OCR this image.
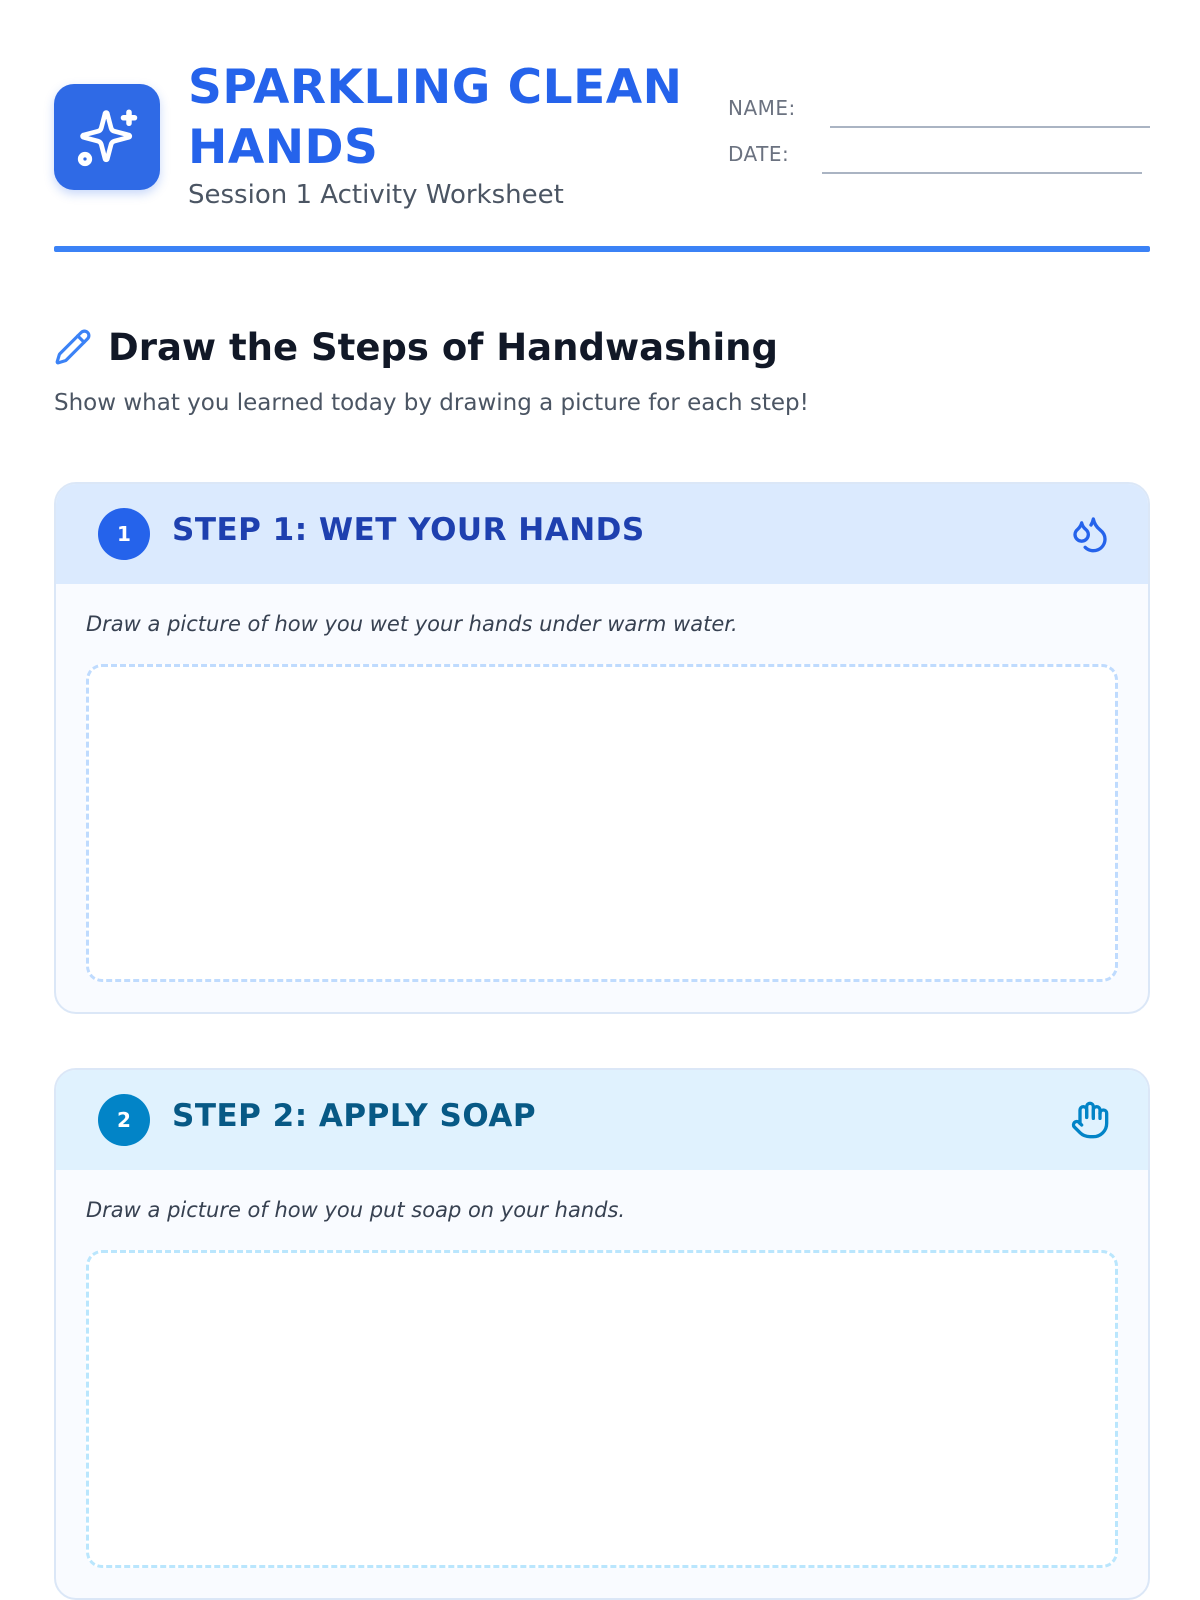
SPARKLING CLEAN HANDS
Session 1 Activity Worksheet
NAME:
DATE:
Draw the Steps of Handwashing
Show what you learned today by drawing a picture for each step!
1	STEP 1: WET YOUR HANDS
Draw a picture of how you wet your hands under warm water.
2	STEP 2: APPLY SOAP
Draw a picture of how you put soap on your hands.
